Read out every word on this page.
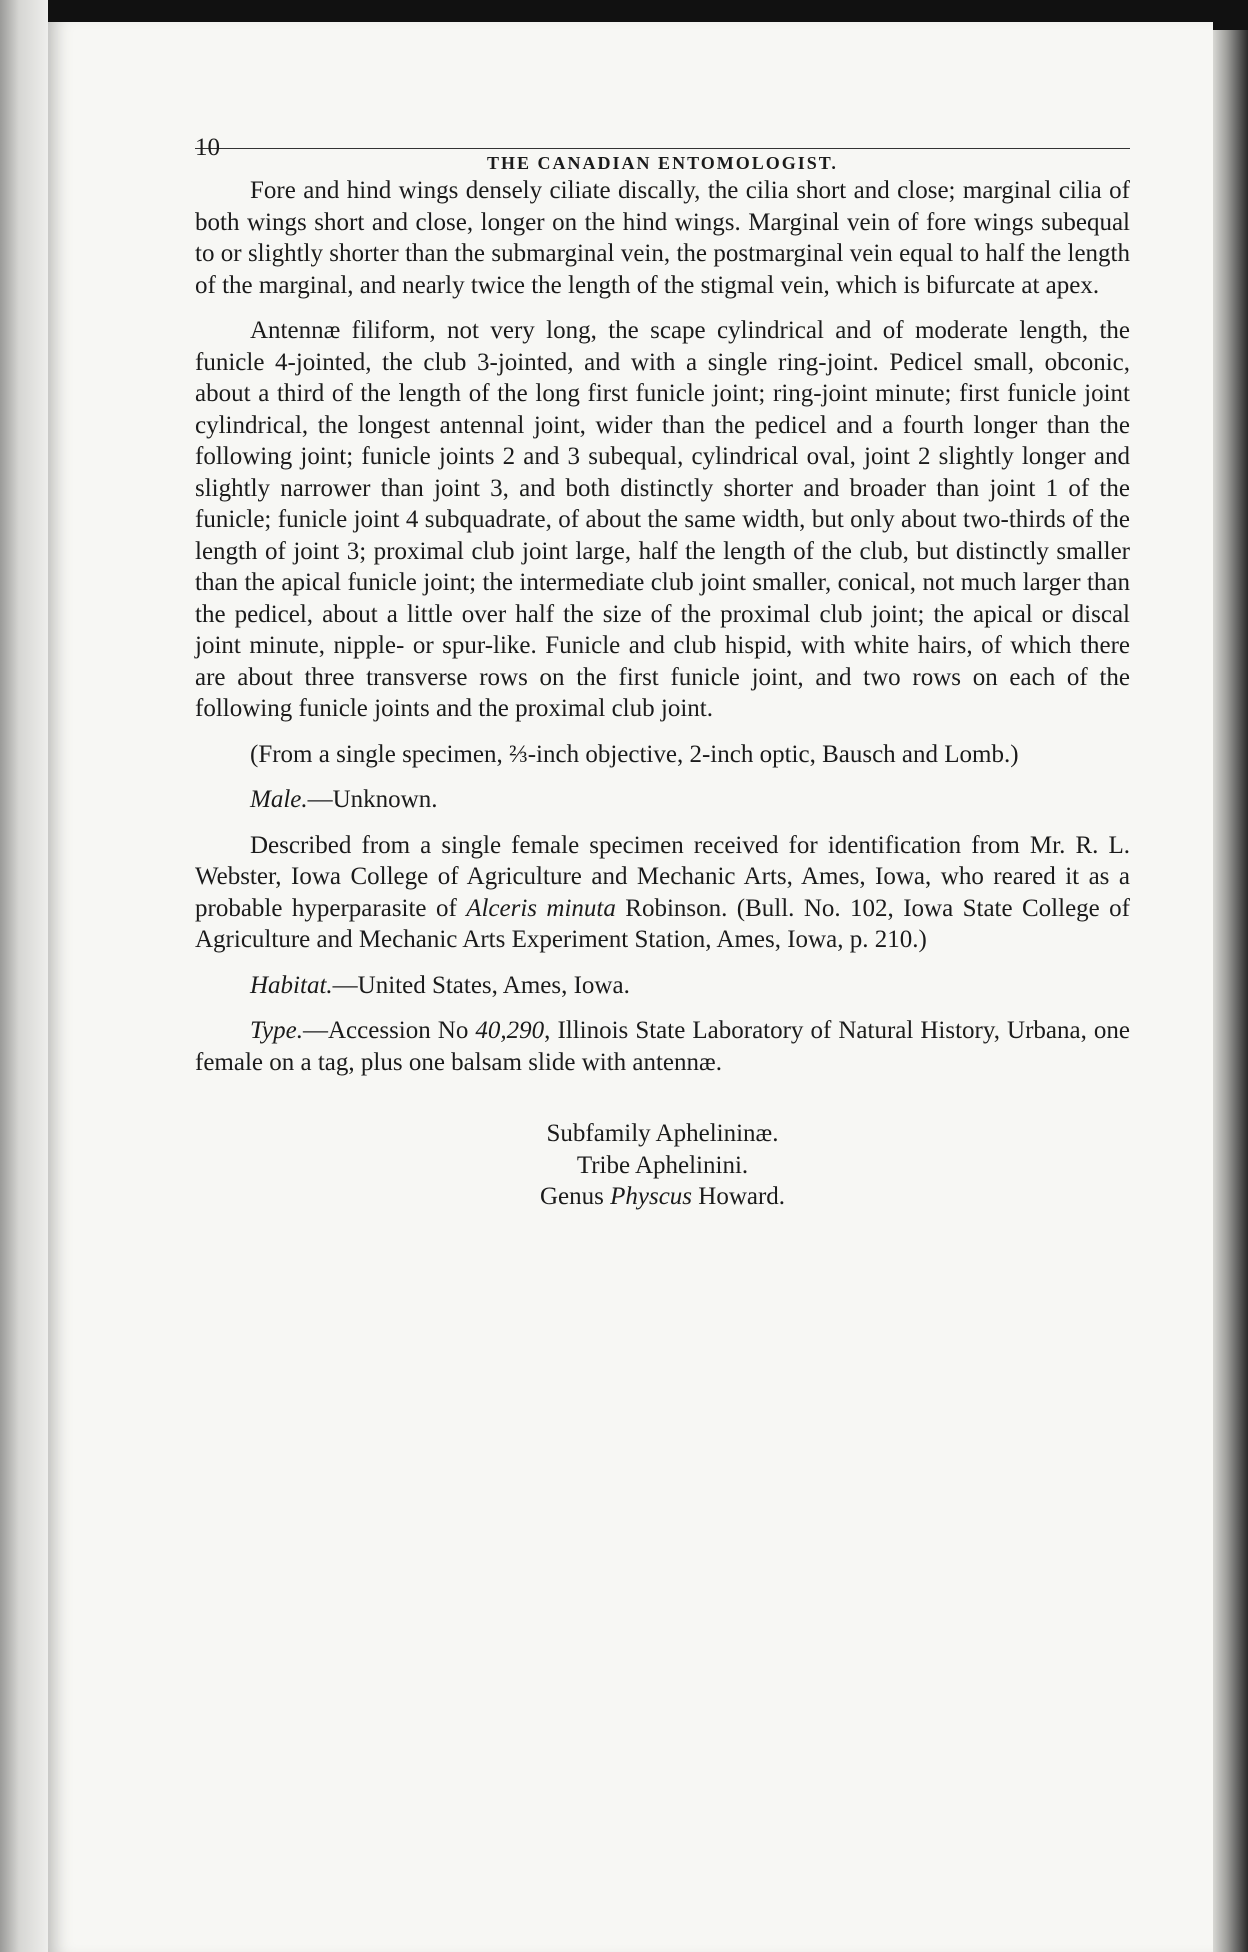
10
THE CANADIAN ENTOMOLOGIST.

Fore and hind wings densely ciliate discally, the cilia short and close; marginal cilia of both wings short and close, longer on the hind wings. Marginal vein of fore wings subequal to or slightly shorter than the submarginal vein, the postmarginal vein equal to half the length of the marginal, and nearly twice the length of the stigmal vein, which is bifurcate at apex.

Antennæ filiform, not very long, the scape cylindrical and of moderate length, the funicle 4-jointed, the club 3-jointed, and with a single ring-joint. Pedicel small, obconic, about a third of the length of the long first funicle joint; ring-joint minute; first funicle joint cylindrical, the longest antennal joint, wider than the pedicel and a fourth longer than the following joint; funicle joints 2 and 3 subequal, cylindrical oval, joint 2 slightly longer and slightly narrower than joint 3, and both distinctly shorter and broader than joint 1 of the funicle; funicle joint 4 subquadrate, of about the same width, but only about two-thirds of the length of joint 3; proximal club joint large, half the length of the club, but distinctly smaller than the apical funicle joint; the intermediate club joint smaller, conical, not much larger than the pedicel, about a little over half the size of the proximal club joint; the apical or discal joint minute, nipple- or spur-like. Funicle and club hispid, with white hairs, of which there are about three transverse rows on the first funicle joint, and two rows on each of the following funicle joints and the proximal club joint.

(From a single specimen, ⅔-inch objective, 2-inch optic, Bausch and Lomb.)

Male.—Unknown.

Described from a single female specimen received for identification from Mr. R. L. Webster, Iowa College of Agriculture and Mechanic Arts, Ames, Iowa, who reared it as a probable hyperparasite of Alceris minuta Robinson. (Bull. No. 102, Iowa State College of Agriculture and Mechanic Arts Experiment Station, Ames, Iowa, p. 210.)

Habitat.—United States, Ames, Iowa.

Type.—Accession No 40,290, Illinois State Laboratory of Natural History, Urbana, one female on a tag, plus one balsam slide with antennæ.

Subfamily Aphelininæ.

Tribe Aphelinini.

Genus Physcus Howard.
